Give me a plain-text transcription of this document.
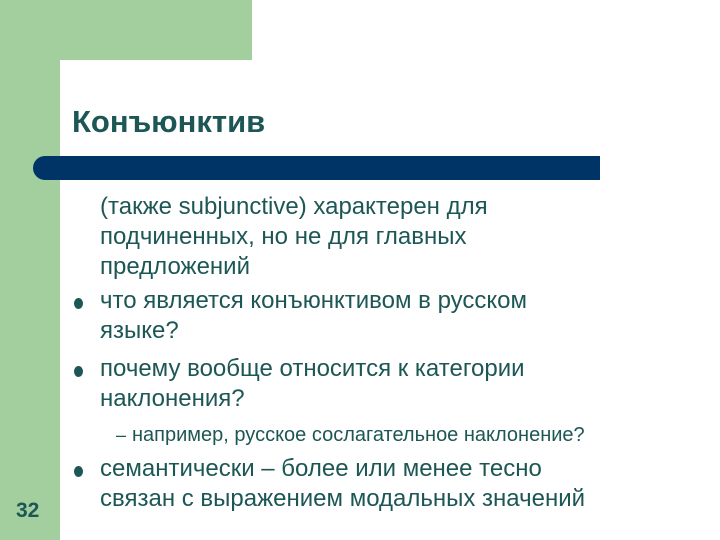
Конъюнктив
(также subjunctive) характерен для
подчиненных, но не для главных
предложений
что является конъюнктивом в русском
языке?
почему вообще относится к категории
наклонения?
– например, русское сослагательное наклонение?
семантически – более или менее тесно
связан с выражением модальных значений
32
